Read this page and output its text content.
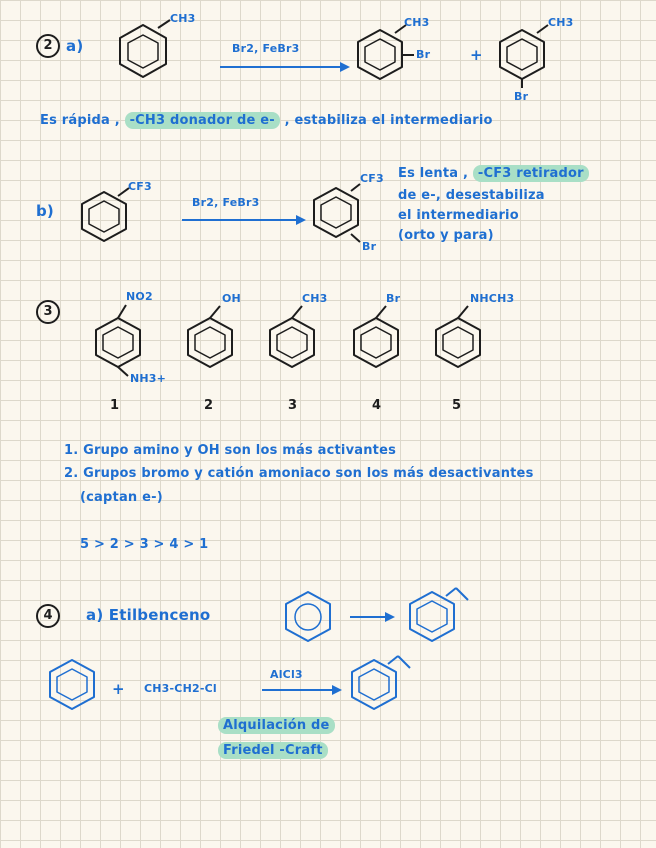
2 a)
CH3
Br2, FeBr3
CH3
Br	+
CH3
Br
Es rápida , -CH3 donador de e- , estabiliza el intermediario
b)
CF3
Br2, FeBr3
CF3
Br
Es lenta , -CF3 retirador
de e-, desestabiliza
el intermediario
(orto y para)
3
NO2
NH3+
OH	CH3	Br	NHCH3
1	2	3	4	5
1. Grupo amino y OH son los más activantes
2. Grupos bromo y catión amoniaco son los más desactivantes
(captan e-)
5 > 2 > 3 > 4 > 1
4	a) Etilbenceno
+ CH3-CH2-Cl
AlCl3
Alquilación de
Friedel -Craft
